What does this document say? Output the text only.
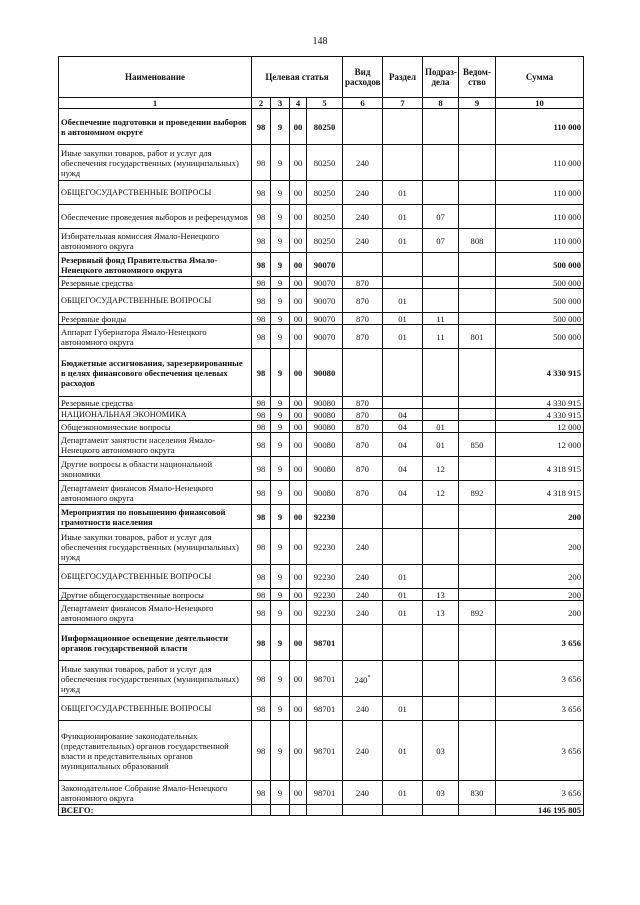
148
Наименование	Целевая статья				Вид расходов	Раздел	Подраз-дела	Ведом-ство	Сумма
1	2	3	4	5	6	7	8	9	10
Обеспечение подготовки и проведении выборов в автономном округе	98	9	00	80250					110 000
Иные закупки товаров, работ и услуг для обеспечения государственных (муниципальных) нужд	98	9	00	80250	240				110 000
ОБЩЕГОСУДАРСТВЕННЫЕ ВОПРОСЫ	98	9	00	80250	240	01			110 000
Обеспечение проведения выборов и референдумов	98	9	00	80250	240	01	07		110 000
Избирательная комиссия Ямало-Ненецкого автономного округа	98	9	00	80250	240	01	07	808	110 000
Резервный фонд Правительства Ямало-Ненецкого автономного округа	98	9	00	90070					500 000
Резервные средства	98	9	00	90070	870				500 000
ОБЩЕГОСУДАРСТВЕННЫЕ ВОПРОСЫ	98	9	00	90070	870	01			500 000
Резервные фонды	98	9	00	90070	870	01	11		500 000
Аппарат Губернатора Ямало-Ненецкого автономного округа	98	9	00	90070	870	01	11	801	500 000
Бюджетные ассигнования, зарезервированные в целях финансового обеспечения целевых расходов	98	9	00	90080					4 330 915
Резервные средства	98	9	00	90080	870				4 330 915
НАЦИОНАЛЬНАЯ ЭКОНОМИКА	98	9	00	90080	870	04			4 330 915
Общеэкономические вопросы	98	9	00	90080	870	04	01		12 000
Департамент занятости населения Ямало-Ненецкого автономного округа	98	9	00	90080	870	04	01	850	12 000
Другие вопросы в области национальной экономики	98	9	00	90080	870	04	12		4 318 915
Департамент финансов Ямало-Ненецкого автономного округа	98	9	00	90080	870	04	12	892	4 318 915
Мероприятия по повышению финансовой грамотности населения	98	9	00	92230					200
Иные закупки товаров, работ и услуг для обеспечения государственных (муниципальных) нужд	98	9	00	92230	240				200
ОБЩЕГОСУДАРСТВЕННЫЕ ВОПРОСЫ	98	9	00	92230	240	01			200
Другие общегосударственные вопросы	98	9	00	92230	240	01	13		200
Департамент финансов Ямало-Ненецкого автономного округа	98	9	00	92230	240	01	13	892	200
Информационное освещение деятельности органов государственной власти	98	9	00	98701					3 656
Иные закупки товаров, работ и услуг для обеспечения государственных (муниципальных) нужд	98	9	00	98701	240*				3 656
ОБЩЕГОСУДАРСТВЕННЫЕ ВОПРОСЫ	98	9	00	98701	240	01			3 656
Функционирование законодательных (представительных) органов государственной власти и представительных органов муниципальных образований	98	9	00	98701	240	01	03		3 656
Законодательное Собрание Ямало-Ненецкого автономного округа	98	9	00	98701	240	01	03	830	3 656
ВСЕГО:									146 195 805
